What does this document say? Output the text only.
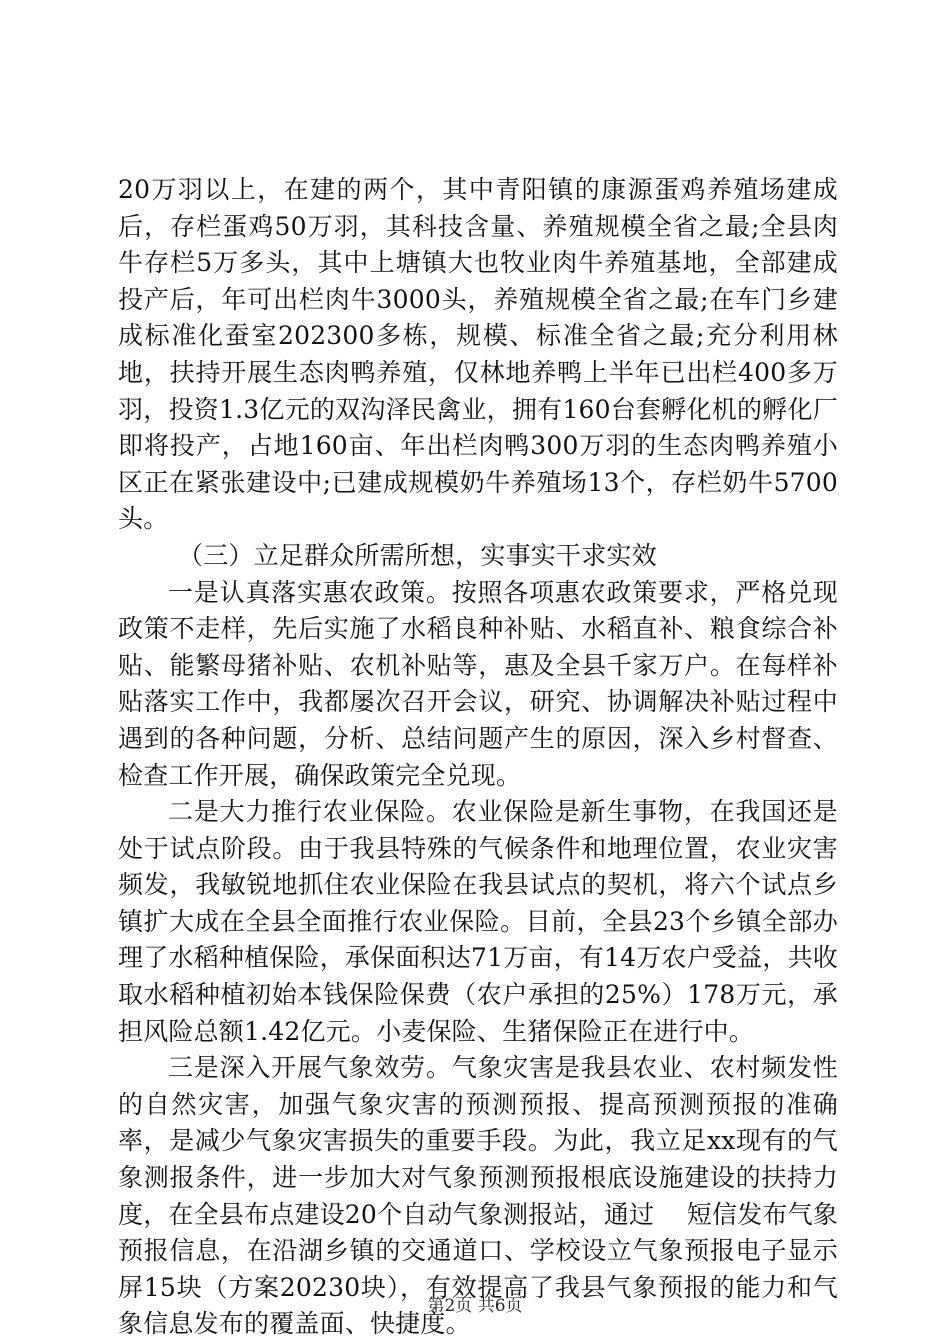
20万羽以上，在建的两个，其中青阳镇的康源蛋鸡养殖场建成后，存栏蛋鸡50万羽，其科技含量、养殖规模全省之最;全县肉牛存栏5万多头，其中上塘镇大也牧业肉牛养殖基地，全部建成投产后，年可出栏肉牛3000头，养殖规模全省之最;在车门乡建成标准化蚕室202300多栋，规模、标准全省之最;充分利用林地，扶持开展生态肉鸭养殖，仅林地养鸭上半年已出栏400多万羽，投资1.3亿元的双沟泽民禽业，拥有160台套孵化机的孵化厂即将投产，占地160亩、年出栏肉鸭300万羽的生态肉鸭养殖小区正在紧张建设中;已建成规模奶牛养殖场13个，存栏奶牛5700头。

（三）立足群众所需所想，实事实干求实效

一是认真落实惠农政策。按照各项惠农政策要求，严格兑现政策不走样，先后实施了水稻良种补贴、水稻直补、粮食综合补贴、能繁母猪补贴、农机补贴等，惠及全县千家万户。在每样补贴落实工作中，我都屡次召开会议，研究、协调解决补贴过程中遇到的各种问题，分析、总结问题产生的原因，深入乡村督查、检查工作开展，确保政策完全兑现。

二是大力推行农业保险。农业保险是新生事物，在我国还是处于试点阶段。由于我县特殊的气候条件和地理位置，农业灾害频发，我敏锐地抓住农业保险在我县试点的契机，将六个试点乡镇扩大成在全县全面推行农业保险。目前，全县23个乡镇全部办理了水稻种植保险，承保面积达71万亩，有14万农户受益，共收取水稻种植初始本钱保险保费（农户承担的25%）178万元，承担风险总额1.42亿元。小麦保险、生猪保险正在进行中。

三是深入开展气象效劳。气象灾害是我县农业、农村频发性的自然灾害，加强气象灾害的预测预报、提高预测预报的准确率，是减少气象灾害损失的重要手段。为此，我立足xx现有的气象测报条件，进一步加大对气象预测预报根底设施建设的扶持力度，在全县布点建设20个自动气象测报站，通过    短信发布气象预报信息，在沿湖乡镇的交通道口、学校设立气象预报电子显示屏15块（方案20230块），有效提高了我县气象预报的能力和气象信息发布的覆盖面、快捷度。

第2页 共6页
